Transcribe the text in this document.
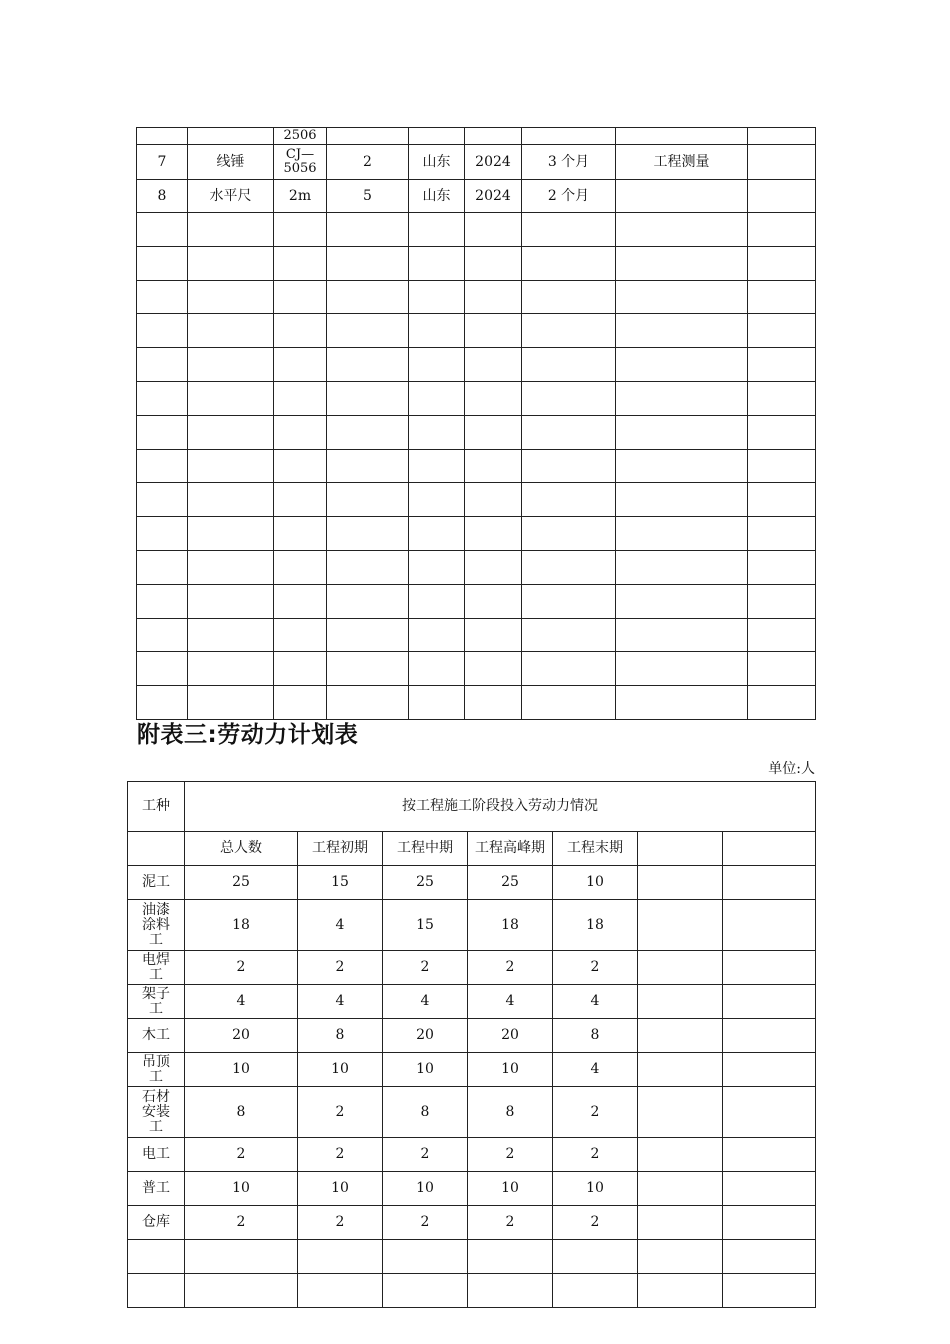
		2506						
7	线锤	CJ—5056	2	山东	2024	3 个月	工程测量	
8	水平尺	2m	5	山东	2024	2 个月		

附表三:劳动力计划表
单位:人
工种	按工程施工阶段投入劳动力情况						
	总人数	工程初期	工程中期	工程高峰期	工程末期		
泥工	25	15	25	25	10		
油漆涂料工	18	4	15	18	18		
电焊工	2	2	2	2	2		
架子工	4	4	4	4	4		
木工	20	8	20	20	8		
吊顶工	10	10	10	10	4		
石材安装工	8	2	8	8	2		
电工	2	2	2	2	2		
普工	10	10	10	10	10		
仓库	2	2	2	2	2		
